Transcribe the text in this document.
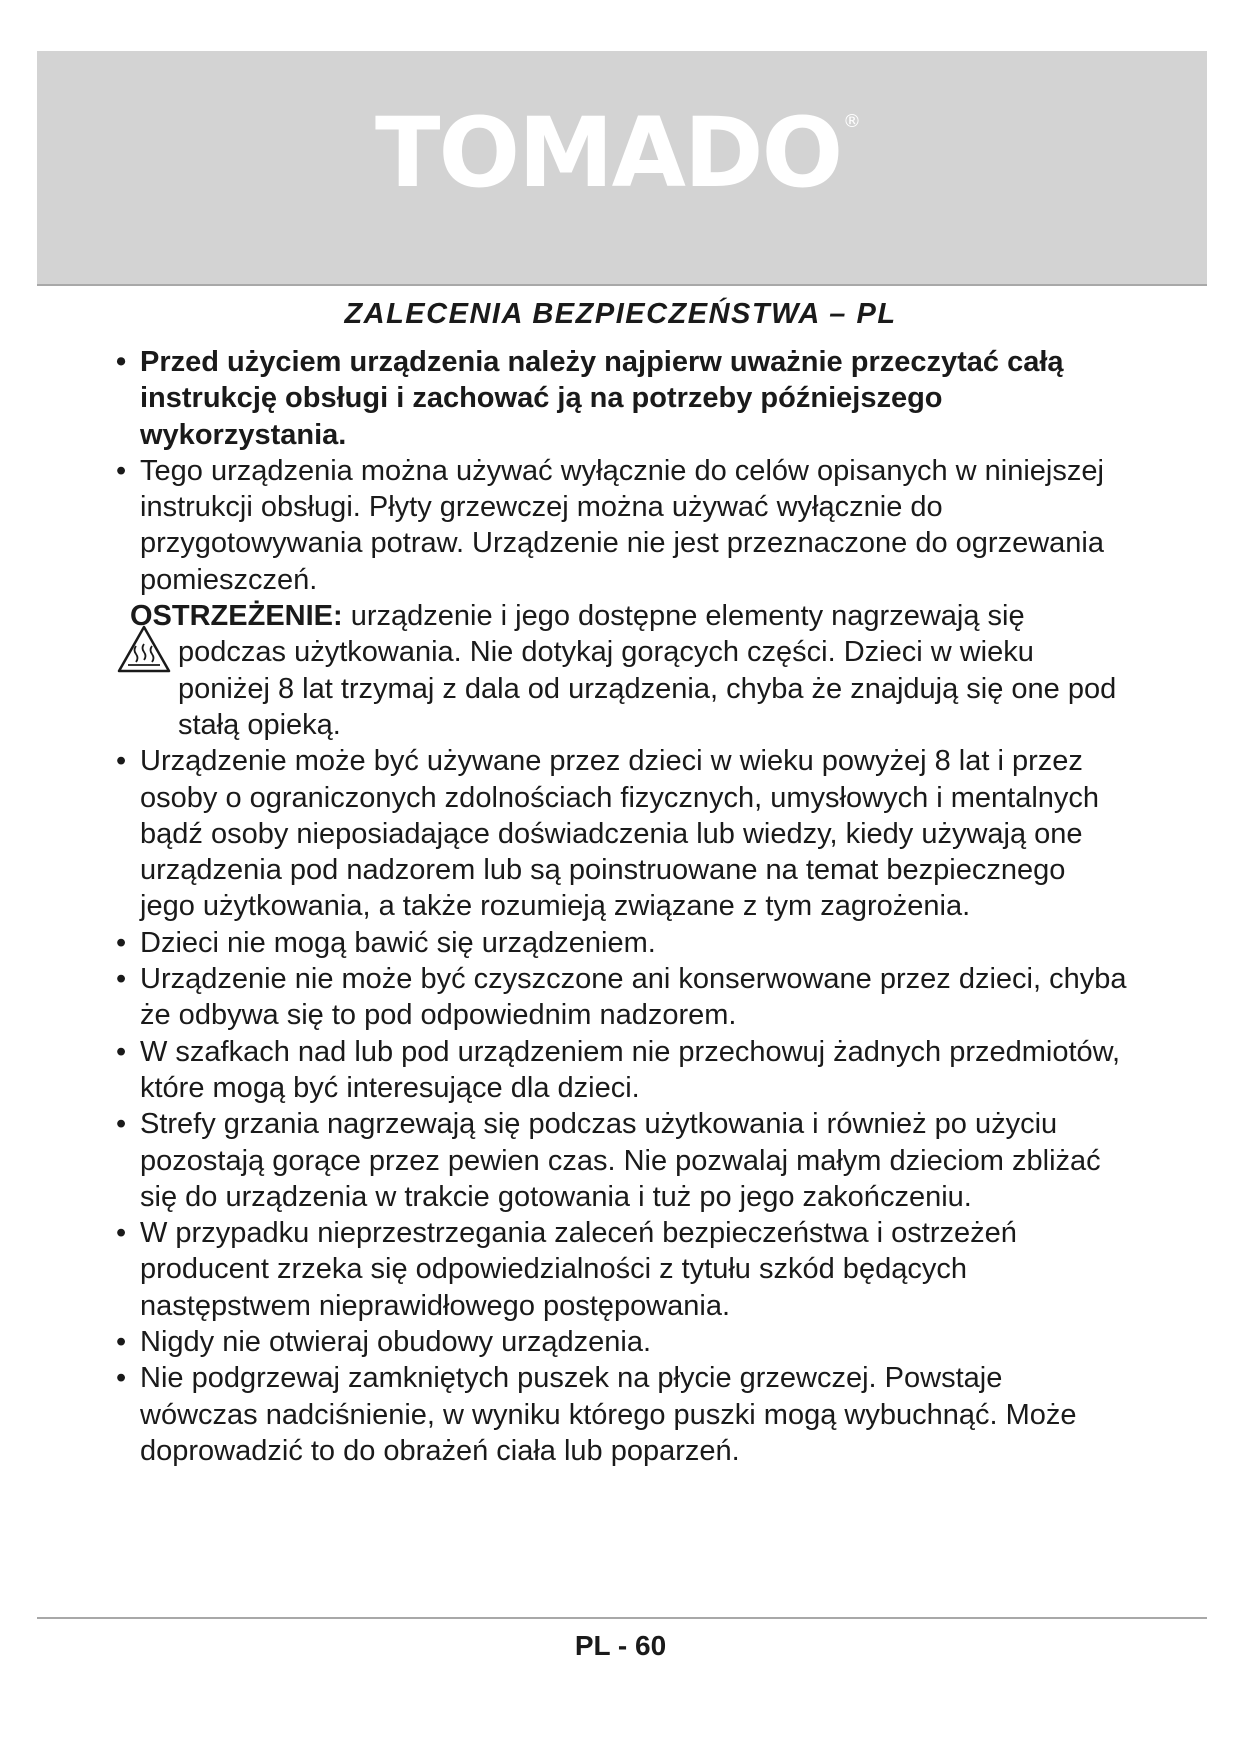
TOMADO ®
ZALECENIA BEZPIECZEŃSTWA – PL
• Przed użyciem urządzenia należy najpierw uważnie przeczytać całą instrukcję obsługi i zachować ją na potrzeby późniejszego wykorzystania.
• Tego urządzenia można używać wyłącznie do celów opisanych w niniejszej instrukcji obsługi. Płyty grzewczej można używać wyłącznie do przygotowywania potraw. Urządzenie nie jest przeznaczone do ogrzewania pomieszczeń.
OSTRZEŻENIE: urządzenie i jego dostępne elementy nagrzewają się podczas użytkowania. Nie dotykaj gorących części. Dzieci w wieku poniżej 8 lat trzymaj z dala od urządzenia, chyba że znajdują się one pod stałą opieką.
• Urządzenie może być używane przez dzieci w wieku powyżej 8 lat i przez osoby o ograniczonych zdolnościach fizycznych, umysłowych i mentalnych bądź osoby nieposiadające doświadczenia lub wiedzy, kiedy używają one urządzenia pod nadzorem lub są poinstruowane na temat bezpiecznego jego użytkowania, a także rozumieją związane z tym zagrożenia.
• Dzieci nie mogą bawić się urządzeniem.
• Urządzenie nie może być czyszczone ani konserwowane przez dzieci, chyba że odbywa się to pod odpowiednim nadzorem.
• W szafkach nad lub pod urządzeniem nie przechowuj żadnych przedmiotów, które mogą być interesujące dla dzieci.
• Strefy grzania nagrzewają się podczas użytkowania i również po użyciu pozostają gorące przez pewien czas. Nie pozwalaj małym dzieciom zbliżać się do urządzenia w trakcie gotowania i tuż po jego zakończeniu.
• W przypadku nieprzestrzegania zaleceń bezpieczeństwa i ostrzeżeń producent zrzeka się odpowiedzialności z tytułu szkód będących następstwem nieprawidłowego postępowania.
• Nigdy nie otwieraj obudowy urządzenia.
• Nie podgrzewaj zamkniętych puszek na płycie grzewczej. Powstaje wówczas nadciśnienie, w wyniku którego puszki mogą wybuchnąć. Może doprowadzić to do obrażeń ciała lub poparzeń.
PL - 60
